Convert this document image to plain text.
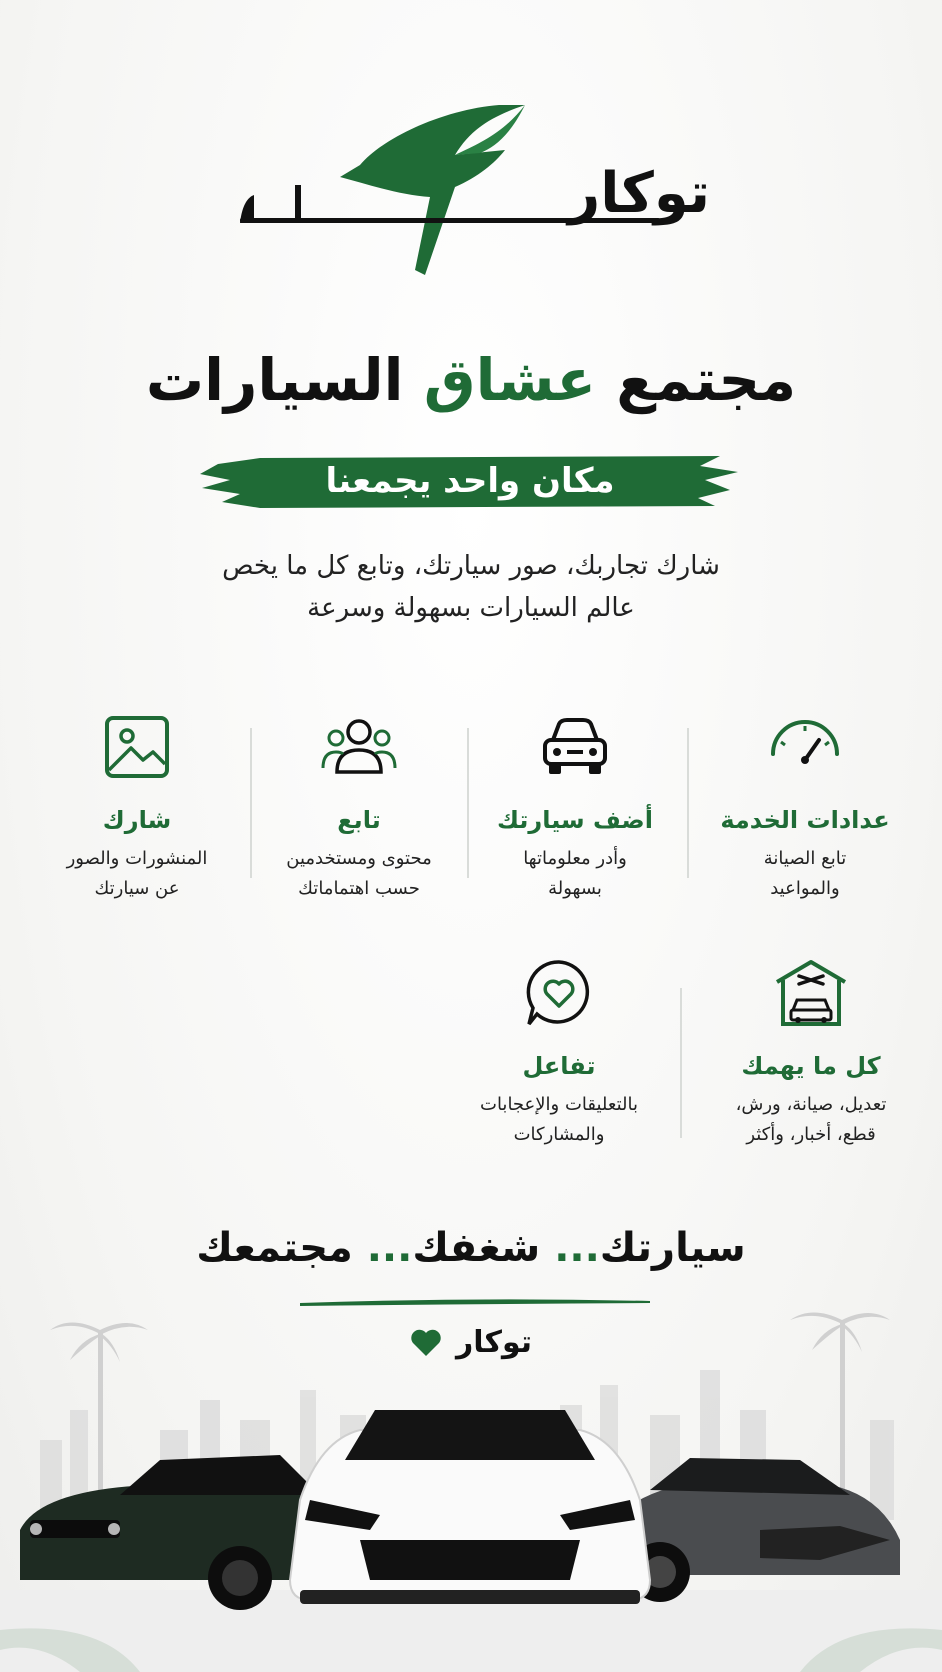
توكار
مجتمع عشاق السيارات
مكان واحد يجمعنا
شارك تجاربك، صور سيارتك، وتابع كل ما يخص
عالم السيارات بسهولة وسرعة
عدادات الخدمة
تابع الصيانة
والمواعيد
أضف سيارتك
وأدر معلوماتها
بسهولة
تابع
محتوى ومستخدمين
حسب اهتماماتك
شارك
المنشورات والصور
عن سيارتك
كل ما يهمك
تعديل، صيانة، ورش،
قطع، أخبار، وأكثر
تفاعل
بالتعليقات والإعجابات
والمشاركات
سيارتك... شغفك... مجتمعك
توكار
